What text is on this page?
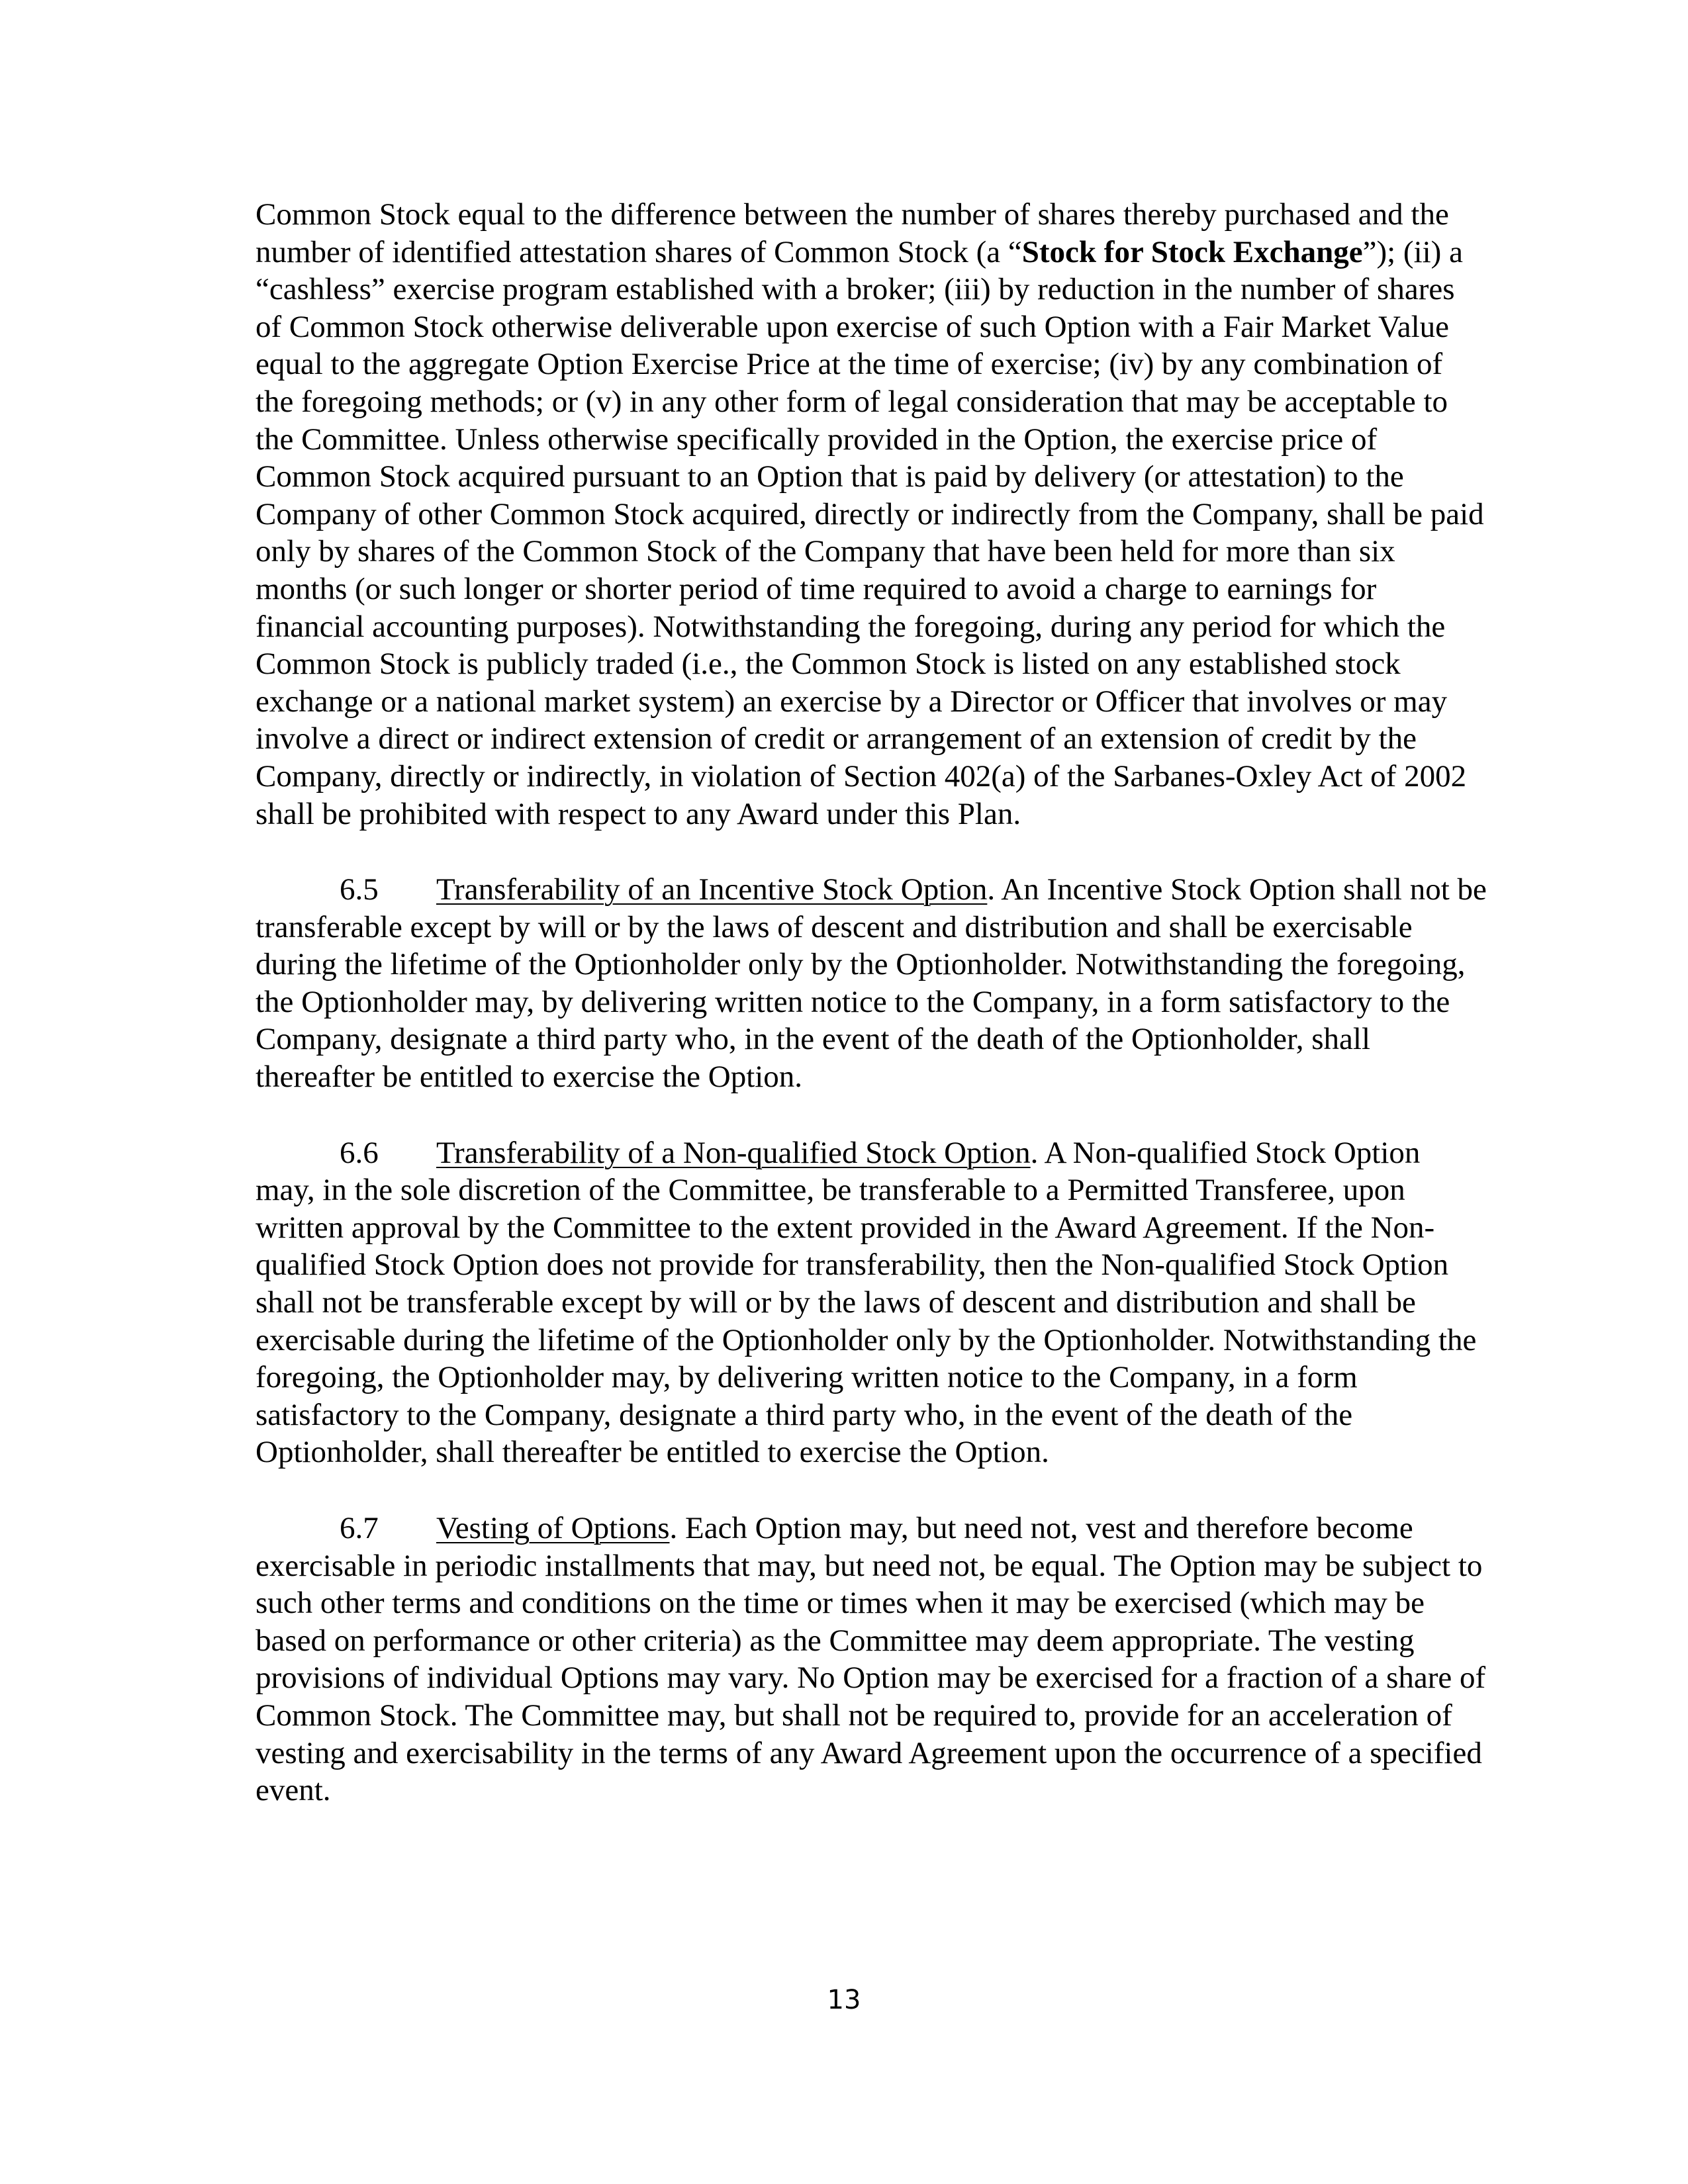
Common Stock equal to the difference between the number of shares thereby purchased and the number of identified attestation shares of Common Stock (a “Stock for Stock Exchange”); (ii) a “cashless” exercise program established with a broker; (iii) by reduction in the number of shares of Common Stock otherwise deliverable upon exercise of such Option with a Fair Market Value equal to the aggregate Option Exercise Price at the time of exercise; (iv) by any combination of the foregoing methods; or (v) in any other form of legal consideration that may be acceptable to the Committee. Unless otherwise specifically provided in the Option, the exercise price of Common Stock acquired pursuant to an Option that is paid by delivery (or attestation) to the Company of other Common Stock acquired, directly or indirectly from the Company, shall be paid only by shares of the Common Stock of the Company that have been held for more than six months (or such longer or shorter period of time required to avoid a charge to earnings for financial accounting purposes). Notwithstanding the foregoing, during any period for which the Common Stock is publicly traded (i.e., the Common Stock is listed on any established stock exchange or a national market system) an exercise by a Director or Officer that involves or may involve a direct or indirect extension of credit or arrangement of an extension of credit by the Company, directly or indirectly, in violation of Section 402(a) of the Sarbanes-Oxley Act of 2002 shall be prohibited with respect to any Award under this Plan.

6.5 Transferability of an Incentive Stock Option. An Incentive Stock Option shall not be transferable except by will or by the laws of descent and distribution and shall be exercisable during the lifetime of the Optionholder only by the Optionholder. Notwithstanding the foregoing, the Optionholder may, by delivering written notice to the Company, in a form satisfactory to the Company, designate a third party who, in the event of the death of the Optionholder, shall thereafter be entitled to exercise the Option.

6.6 Transferability of a Non-qualified Stock Option. A Non-qualified Stock Option may, in the sole discretion of the Committee, be transferable to a Permitted Transferee, upon written approval by the Committee to the extent provided in the Award Agreement. If the Non-qualified Stock Option does not provide for transferability, then the Non-qualified Stock Option shall not be transferable except by will or by the laws of descent and distribution and shall be exercisable during the lifetime of the Optionholder only by the Optionholder. Notwithstanding the foregoing, the Optionholder may, by delivering written notice to the Company, in a form satisfactory to the Company, designate a third party who, in the event of the death of the Optionholder, shall thereafter be entitled to exercise the Option.

6.7 Vesting of Options. Each Option may, but need not, vest and therefore become exercisable in periodic installments that may, but need not, be equal. The Option may be subject to such other terms and conditions on the time or times when it may be exercised (which may be based on performance or other criteria) as the Committee may deem appropriate. The vesting provisions of individual Options may vary. No Option may be exercised for a fraction of a share of Common Stock. The Committee may, but shall not be required to, provide for an acceleration of vesting and exercisability in the terms of any Award Agreement upon the occurrence of a specified event.

13
